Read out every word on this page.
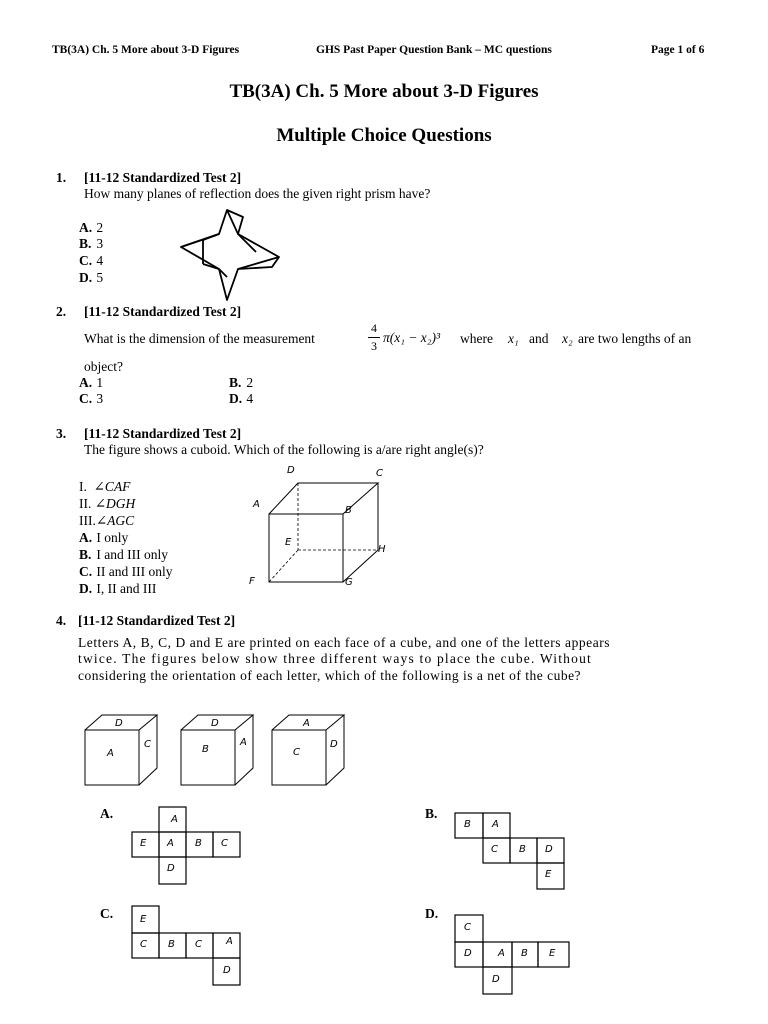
TB(3A) Ch. 5 More about 3-D Figures	GHS Past Paper Question Bank – MC questions	Page 1 of 6
TB(3A) Ch. 5 More about 3-D Figures
Multiple Choice Questions
1. [11-12 Standardized Test 2]
How many planes of reflection does the given right prism have?
A. 2
B. 3
C. 4
D. 5
2. [11-12 Standardized Test 2]
What is the dimension of the measurement
4
3
π(x₁ − x₂)³ where x₁ and x₂ are two lengths of an
object?
A. 1	B. 2
C. 3	D. 4
3. [11-12 Standardized Test 2]
The figure shows a cuboid. Which of the following is a/are right angle(s)?
I. ∠CAF
II. ∠DGH
III.∠AGC
A. I only
B. I and III only
C. II and III only
D. I, II and III
D	C
A
B
E
H
F	G
4. [11-12 Standardized Test 2]
Letters A, B, C, D and E are printed on each face of a cube, and one of the letters appears
twice. The figures below show three different ways to place the cube. Without
considering the orientation of each letter, which of the following is a net of the cube?
D
A
C
D
B
A
A
C
D
A.	A
E A B C
D
B.
B A
C B D
E
C.	E
C B C A
D
D.
C
D	A B E
D
